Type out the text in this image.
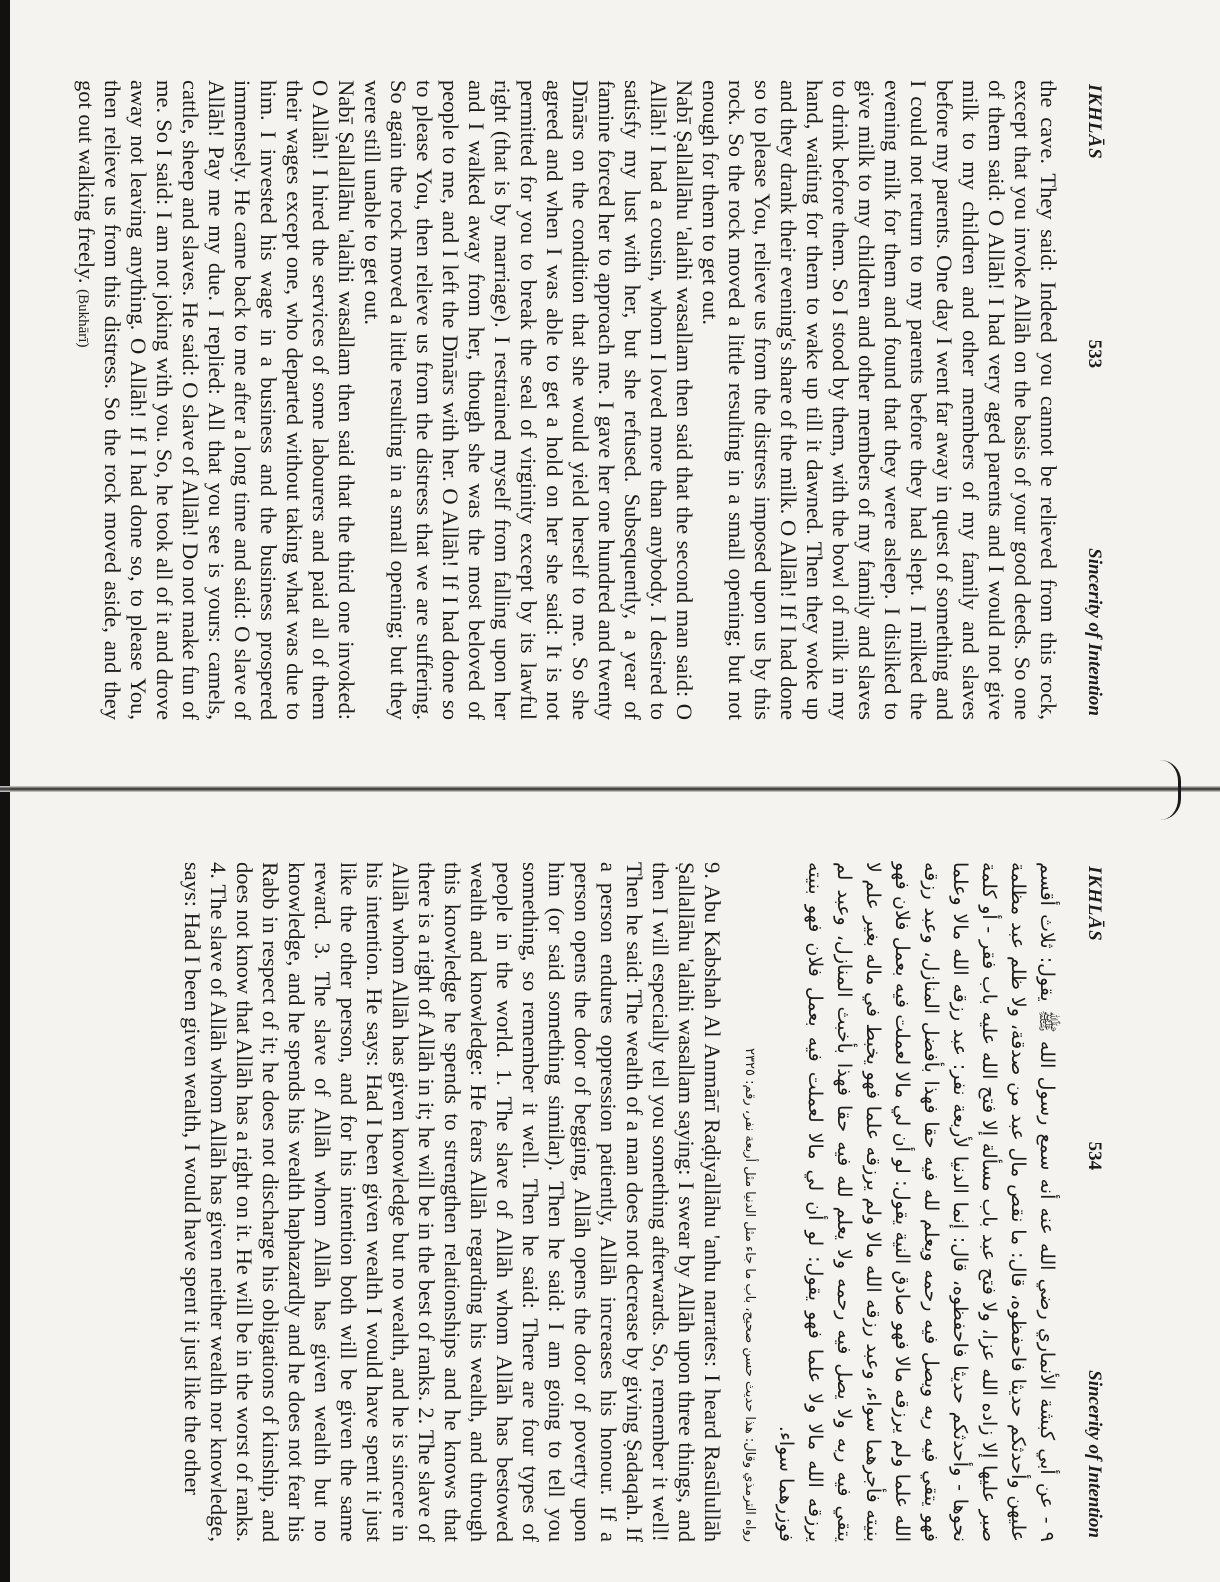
IKHLĀS
533
Sincerity of Intention

the cave. They said: Indeed you cannot be relieved from this rock, except that you invoke Allāh on the basis of your good deeds. So one of them said: O Allāh! I had very aged parents and I would not give milk to my children and other members of my family and slaves before my parents. One day I went far away in quest of something and I could not return to my parents before they had slept. I milked the evening milk for them and found that they were asleep. I disliked to give milk to my children and other members of my family and slaves to drink before them. So I stood by them, with the bowl of milk in my hand, waiting for them to wake up till it dawned. Then they woke up and they drank their evening's share of the milk. O Allāh! If I had done so to please You, relieve us from the distress imposed upon us by this rock. So the rock moved a little resulting in a small opening; but not enough for them to get out.

Nabī Ṣallallāhu 'alaihi wasallam then said that the second man said: O Allāh! I had a cousin, whom I loved more than anybody. I desired to satisfy my lust with her, but she refused. Subsequently, a year of famine forced her to approach me. I gave her one hundred and twenty Dīnārs on the condition that she would yield herself to me. So she agreed and when I was able to get a hold on her she said: It is not permitted for you to break the seal of virginity except by its lawful right (that is by marriage). I restrained myself from falling upon her and I walked away from her, though she was the most beloved of people to me, and I left the Dīnārs with her. O Allāh! If I had done so to please You, then relieve us from the distress that we are suffering. So again the rock moved a little resulting in a small opening; but they were still unable to get out.

Nabī Ṣallallāhu 'alaihi wasallam then said that the third one invoked: O Allāh! I hired the services of some labourers and paid all of them their wages except one, who departed without taking what was due to him. I invested his wage in a business and the business prospered immensely. He came back to me after a long time and said: O slave of Allāh! Pay me my due. I replied: All that you see is yours: camels, cattle, sheep and slaves. He said: O slave of Allāh! Do not make fun of me. So I said: I am not joking with you. So, he took all of it and drove away not leaving anything. O Allāh! If I had done so, to please You, then relieve us from this distress. So the rock moved aside, and they got out walking freely. (Bukhārī)

IKHLĀS
534
Sincerity of Intention

٩ - عن أبي كبشة الأنماري رضي الله عنه أنه سمع رسول الله ﷺ يقول: ثلاث أقسم عليهن وأحدثكم حديثا فاحفظوه، قال: ما نقص مال عبد من صدقة، ولا ظلم عبد مظلمة صبر عليها إلا زاده الله عزا، ولا فتح عبد باب مسألة إلا فتح الله عليه باب فقر - أو كلمة نحوها - وأحدثكم حديثا فاحفظوه، قال: إنما الدنيا لأربعة نفر: عبد رزقه الله مالا وعلما فهو يتقي فيه ربه ويصل فيه رحمه ويعلم لله فيه حقا فهذا بأفضل المنازل، وعبد رزقه الله علما ولم يرزقه مالا فهو صادق النية يقول: لو أن لي مالا لعملت فيه بعمل فلان فهو بنيته فأجرهما سواء، وعبد رزقه الله مالا ولم يرزقه علما فهو يخبط في ماله بغير علم لا يتقي فيه ربه ولا يصل فيه رحمه ولا يعلم لله فيه حقا فهذا بأخبث المنازل، وعبد لم يرزقه الله مالا ولا علما فهو يقول: لو أن لي مالا لعملت فيه بعمل فلان فهو بنيته فوزرهما سواء.

رواه الترمذي وقال: هذا حديث حسن صحيح، باب ما جاء مثل الدنيا مثل أربعة نفر، رقم: ٢٣٢٥

9. Abu Kabshah Al Anmārī Raḍiyallāhu 'anhu narrates: I heard Rasūlullāh Ṣallallāhu 'alaihi wasallam saying: I swear by Allāh upon three things, and then I will especially tell you something afterwards. So, remember it well! Then he said: The wealth of a man does not decrease by giving Ṣadaqah. If a person endures oppression patiently, Allāh increases his honour. If a person opens the door of begging, Allāh opens the door of poverty upon him (or said something similar). Then he said: I am going to tell you something, so remember it well. Then he said: There are four types of people in the world. 1. The slave of Allāh whom Allāh has bestowed wealth and knowledge: He fears Allāh regarding his wealth, and through this knowledge he spends to strengthen relationships and he knows that there is a right of Allāh in it; he will be in the best of ranks. 2. The slave of Allāh whom Allāh has given knowledge but no wealth, and he is sincere in his intention. He says: Had I been given wealth I would have spent it just like the other person, and for his intention both will be given the same reward. 3. The slave of Allāh whom Allāh has given wealth but no knowledge, and he spends his wealth haphazardly and he does not fear his Rabb in respect of it; he does not discharge his obligations of kinship, and does not know that Allāh has a right on it. He will be in the worst of ranks. 4. The slave of Allāh whom Allāh has given neither wealth nor knowledge, says: Had I been given wealth, I would have spent it just like the other
